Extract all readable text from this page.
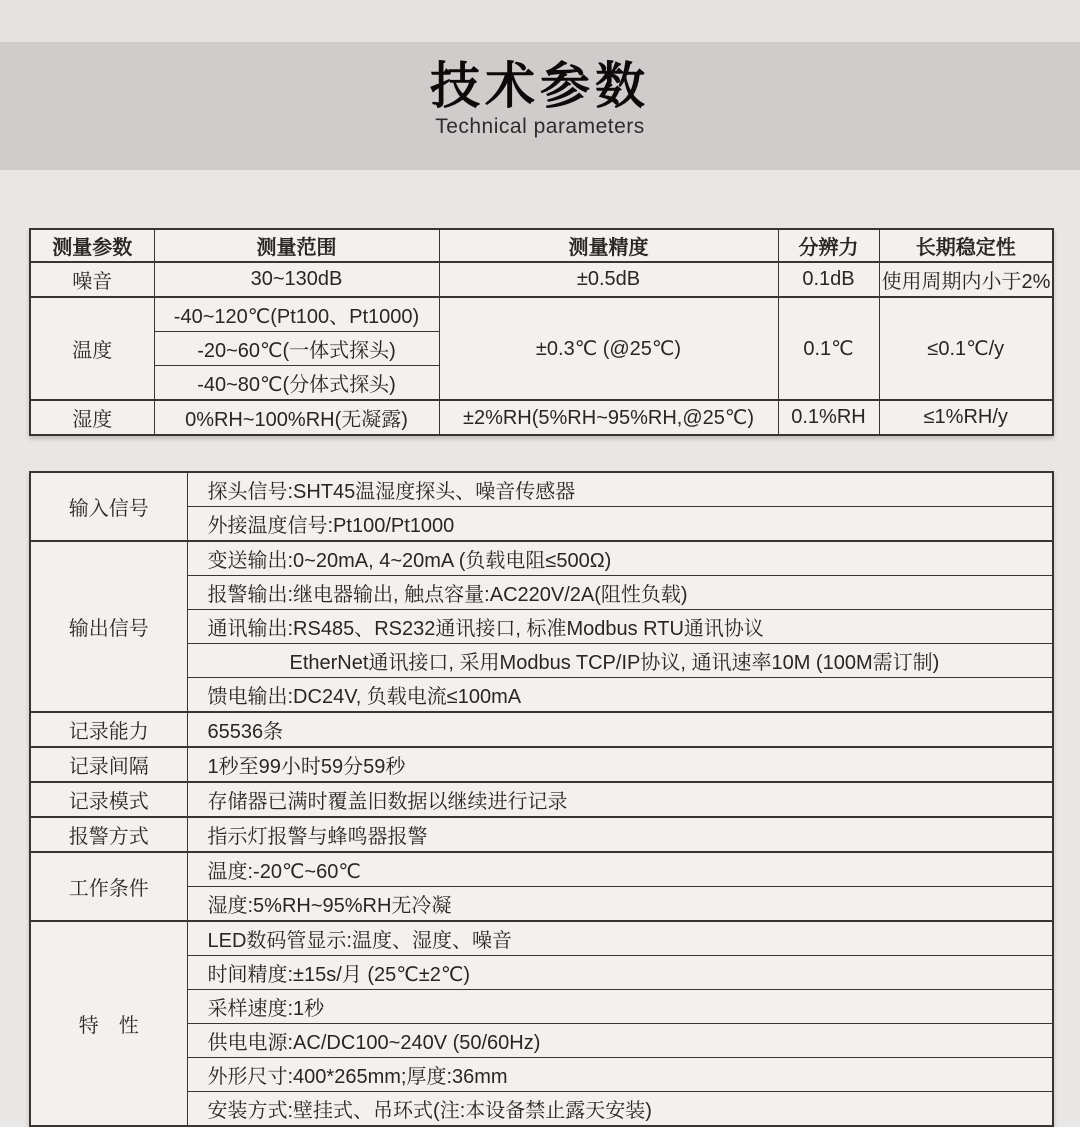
技术参数
Technical parameters
测量参数	测量范围	测量精度	分辨力	长期稳定性
噪音	30~130dB	±0.5dB	0.1dB	使用周期内小于2%
温度	-40~120℃(Pt100、Pt1000)	±0.3℃ (@25℃)	0.1℃	≤0.1℃/y
	-20~60℃(一体式探头)			
	-40~80℃(分体式探头)			
湿度	0%RH~100%RH(无凝露)	±2%RH(5%RH~95%RH,@25℃)	0.1%RH	≤1%RH/y
输入信号	探头信号:SHT45温湿度探头、噪音传感器
	外接温度信号:Pt100/Pt1000
输出信号	变送输出:0~20mA, 4~20mA (负载电阻≤500Ω)
	报警输出:继电器输出, 触点容量:AC220V/2A(阻性负载)
	通讯输出:RS485、RS232通讯接口, 标准Modbus RTU通讯协议
	EtherNet通讯接口, 采用Modbus TCP/IP协议, 通讯速率10M (100M需订制)
	馈电输出:DC24V, 负载电流≤100mA
记录能力	65536条
记录间隔	1秒至99小时59分59秒
记录模式	存储器已满时覆盖旧数据以继续进行记录
报警方式	指示灯报警与蜂鸣器报警
工作条件	温度:-20℃~60℃
	湿度:5%RH~95%RH无冷凝
特　性	LED数码管显示:温度、湿度、噪音
	时间精度:±15s/月 (25℃±2℃)
	采样速度:1秒
	供电电源:AC/DC100~240V (50/60Hz)
	外形尺寸:400*265mm;厚度:36mm
	安装方式:壁挂式、吊环式(注:本设备禁止露天安装)
